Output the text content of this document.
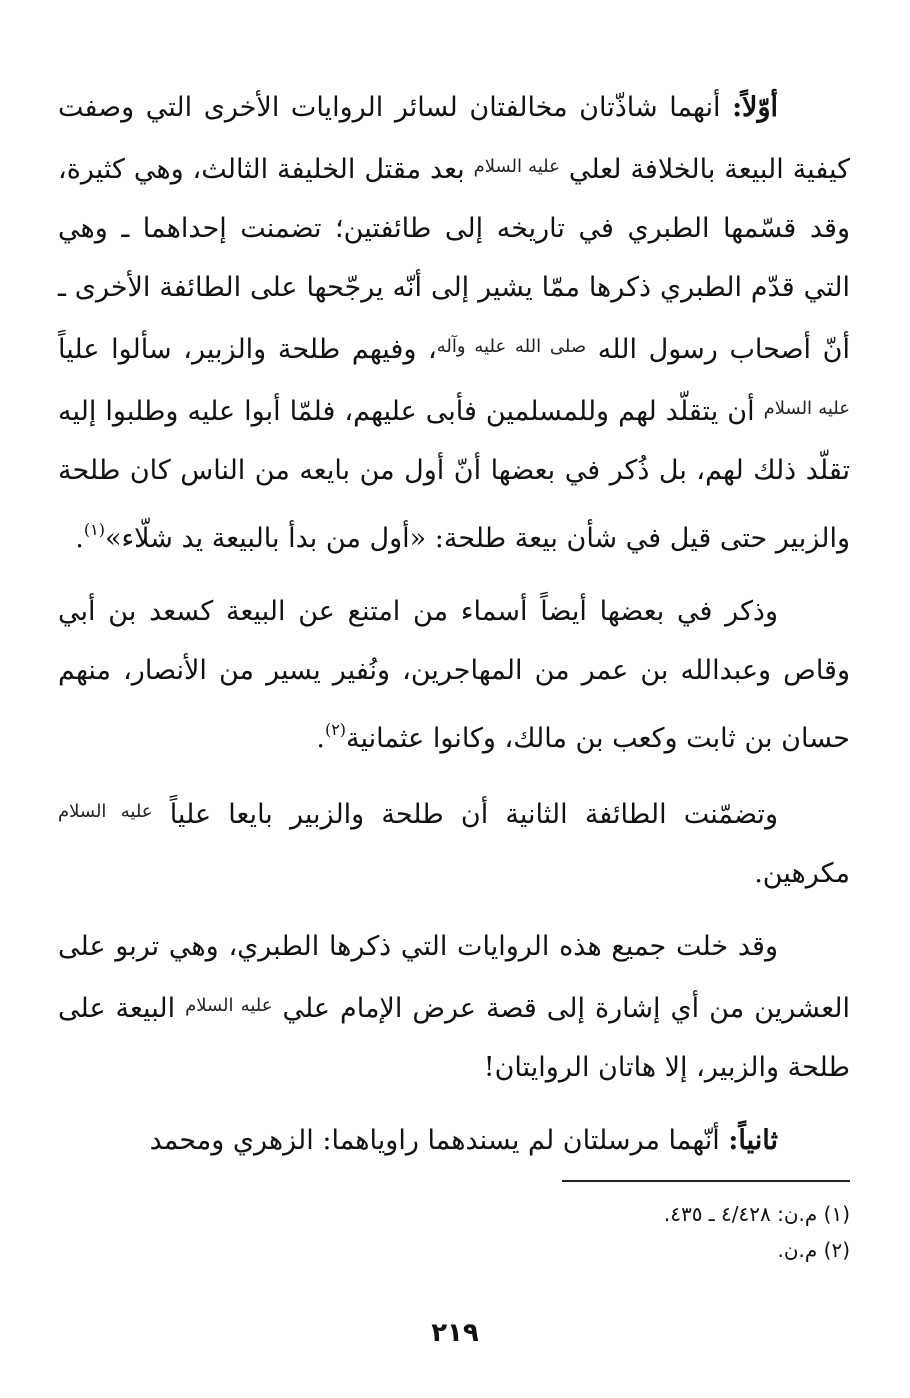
أوّلاً: أنهما شاذّتان مخالفتان لسائر الروايات الأخرى التي وصفت كيفية البيعة بالخلافة لعلي $^{عليه السلام}$ بعد مقتل الخليفة الثالث، وهي كثيرة، وقد قسّمها الطبري في تاريخه إلى طائفتين؛ تضمنت إحداهما ـ وهي التي قدّم الطبري ذكرها ممّا يشير إلى أنّه يرجّحها على الطائفة الأخرى ـ أنّ أصحاب رسول الله $^{صلى الله عليه وآله}$، وفيهم طلحة والزبير، سألوا علياً $^{عليه السلام}$ أن يتقلّد لهم وللمسلمين فأبى عليهم، فلمّا أبوا عليه وطلبوا إليه تقلّد ذلك لهم، بل ذُكر في بعضها أنّ أول من بايعه من الناس كان طلحة والزبير حتى قيل في شأن بيعة طلحة: «أول من بدأ بالبيعة يد شلّاء»$^{(١)}$.

وذكر في بعضها أيضاً أسماء من امتنع عن البيعة كسعد بن أبي وقاص وعبدالله بن عمر من المهاجرين، ونُفير يسير من الأنصار، منهم حسان بن ثابت وكعب بن مالك، وكانوا عثمانية$^{(٢)}$.

وتضمّنت الطائفة الثانية أن طلحة والزبير بايعا علياً $^{عليه السلام}$ مكرهين.

وقد خلت جميع هذه الروايات التي ذكرها الطبري، وهي تربو على العشرين من أي إشارة إلى قصة عرض الإمام علي $^{عليه السلام}$ البيعة على طلحة والزبير، إلا هاتان الروايتان!

ثانياً: أنّهما مرسلتان لم يسندهما راوياهما: الزهري ومحمد

(١) م.ن: ٤/٤٢٨ ـ ٤٣٥.

(٢) م.ن.

٢١٩
